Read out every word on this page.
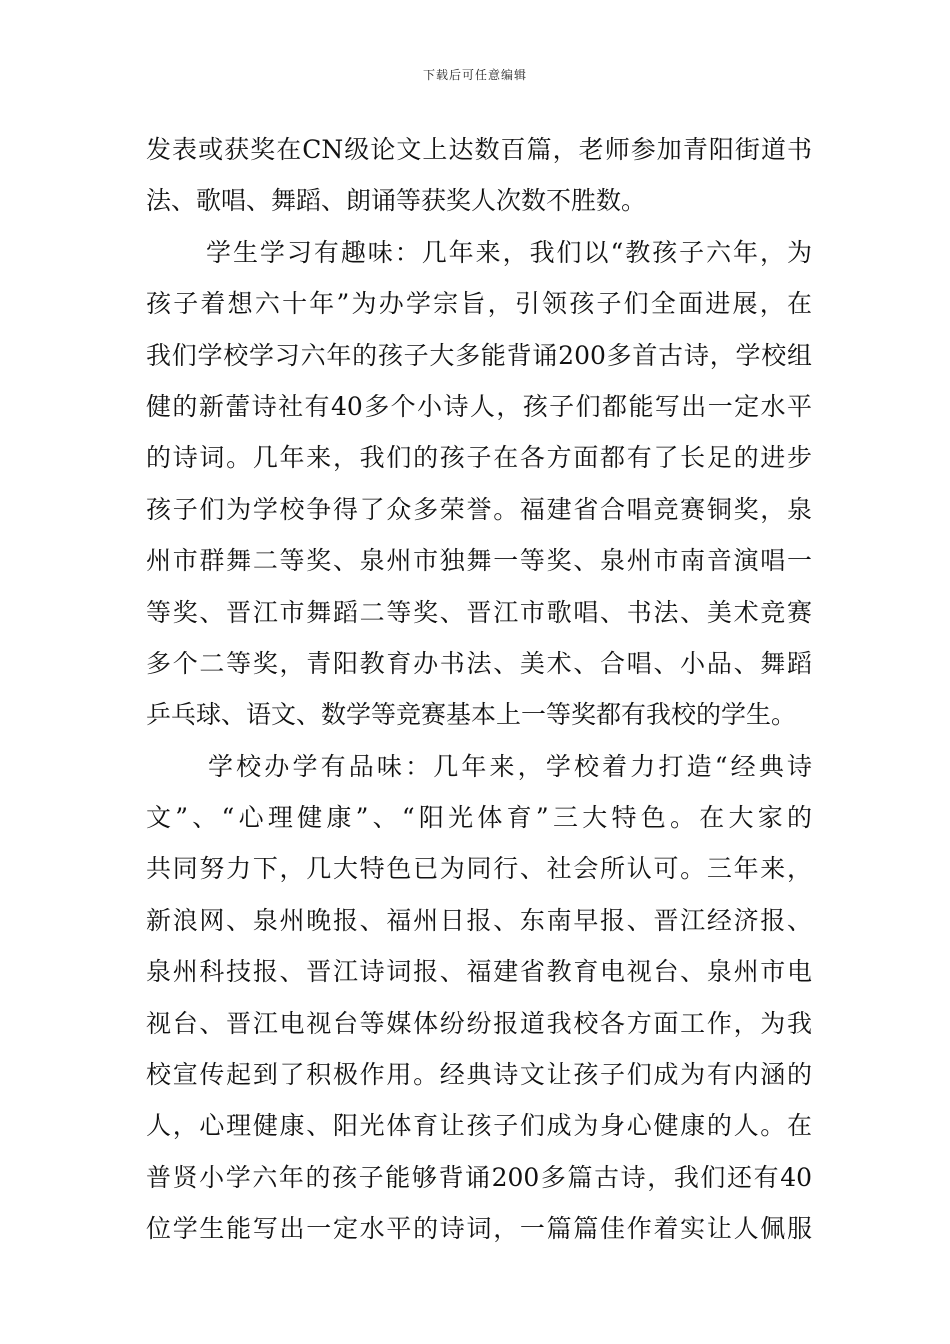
下载后可任意编辑
发表或获奖在CN级论文上达数百篇，老师参加青阳街道书
法、歌唱、舞蹈、朗诵等获奖人次数不胜数。
学生学习有趣味：几年来，我们以“教孩子六年，为
孩子着想六十年”为办学宗旨，引领孩子们全面进展，在
我们学校学习六年的孩子大多能背诵200多首古诗，学校组
健的新蕾诗社有40多个小诗人，孩子们都能写出一定水平
的诗词。几年来，我们的孩子在各方面都有了长足的进步
孩子们为学校争得了众多荣誉。福建省合唱竞赛铜奖，泉
州市群舞二等奖、泉州市独舞一等奖、泉州市南音演唱一
等奖、晋江市舞蹈二等奖、晋江市歌唱、书法、美术竞赛
多个二等奖，青阳教育办书法、美术、合唱、小品、舞蹈
乒乓球、语文、数学等竞赛基本上一等奖都有我校的学生。
学校办学有品味：几年来，学校着力打造“经典诗
文”、“心理健康”、“阳光体育”三大特色。在大家的
共同努力下，几大特色已为同行、社会所认可。三年来，
新浪网、泉州晚报、福州日报、东南早报、晋江经济报、
泉州科技报、晋江诗词报、福建省教育电视台、泉州市电
视台、晋江电视台等媒体纷纷报道我校各方面工作，为我
校宣传起到了积极作用。经典诗文让孩子们成为有内涵的
人，心理健康、阳光体育让孩子们成为身心健康的人。在
普贤小学六年的孩子能够背诵200多篇古诗，我们还有40
位学生能写出一定水平的诗词，一篇篇佳作着实让人佩服
